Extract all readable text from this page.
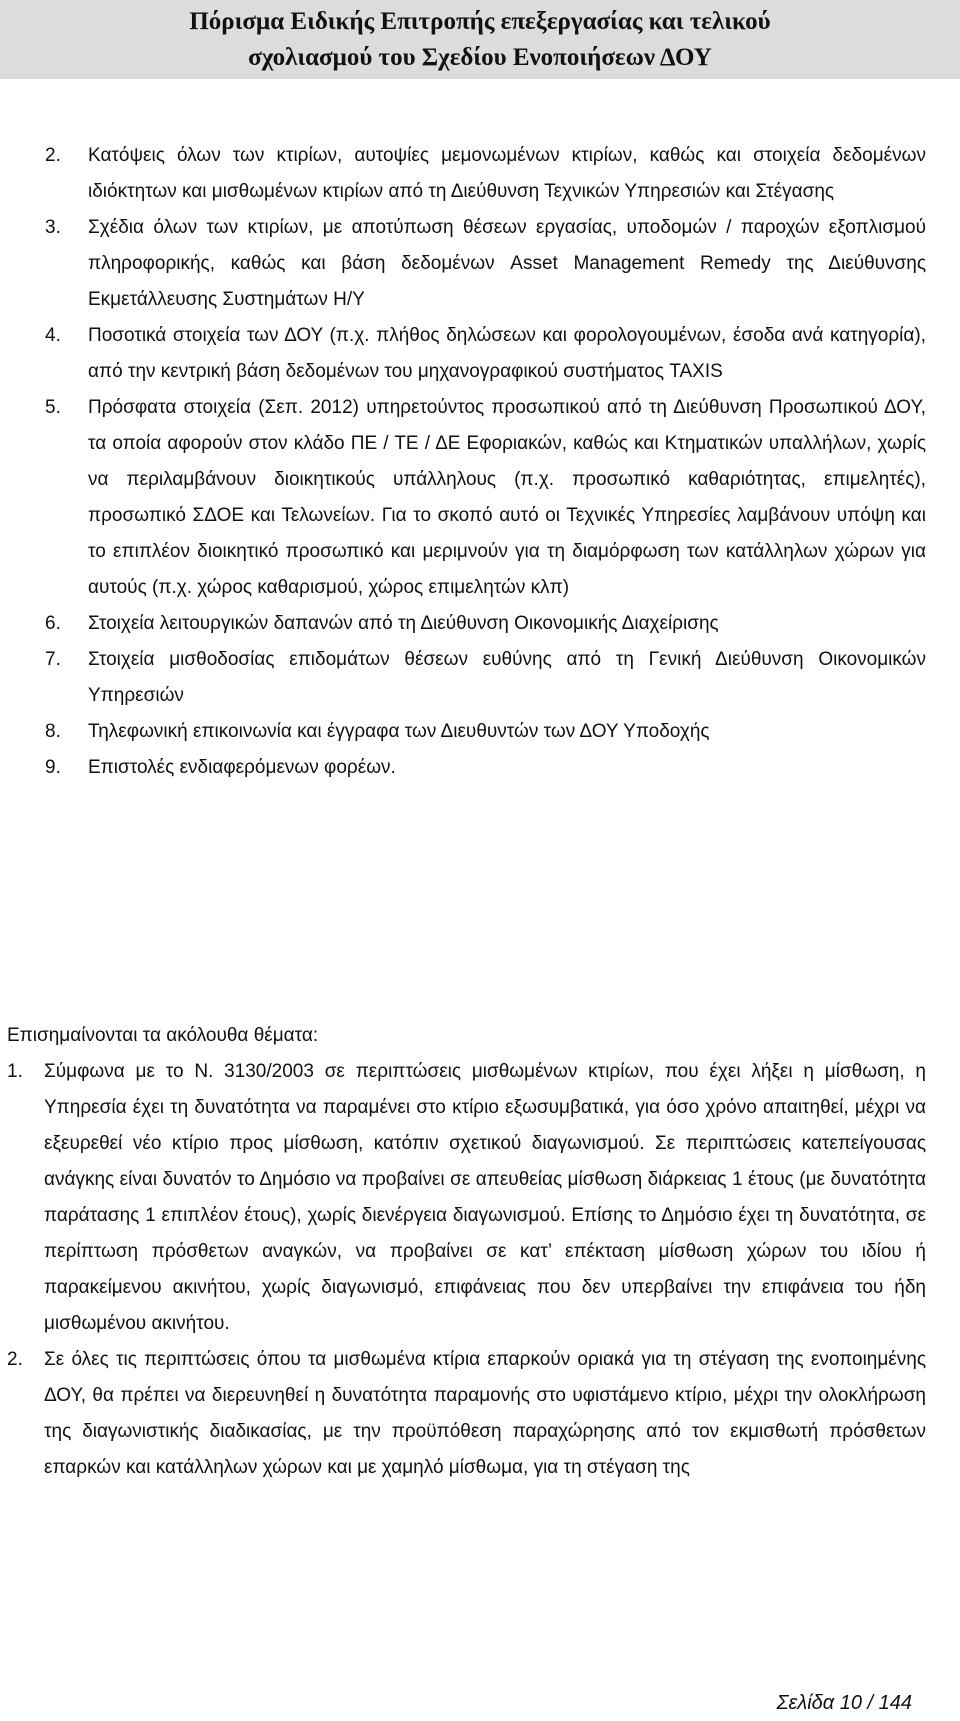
Πόρισμα Ειδικής Επιτροπής επεξεργασίας και τελικού
σχολιασμού του Σχεδίου Ενοποιήσεων ΔΟΥ
2. Κατόψεις όλων των κτιρίων, αυτοψίες μεμονωμένων κτιρίων, καθώς και στοιχεία δεδομένων ιδιόκτητων και μισθωμένων κτιρίων από τη Διεύθυνση Τεχνικών Υπηρεσιών και Στέγασης
3. Σχέδια όλων των κτιρίων, με αποτύπωση θέσεων εργασίας, υποδομών / παροχών εξοπλισμού πληροφορικής, καθώς και βάση δεδομένων Asset Management Remedy της Διεύθυνσης Εκμετάλλευσης Συστημάτων Η/Υ
4. Ποσοτικά στοιχεία των ΔΟΥ (π.χ. πλήθος δηλώσεων και φορολογουμένων, έσοδα ανά κατηγορία), από την κεντρική βάση δεδομένων του μηχανογραφικού συστήματος TAXIS
5. Πρόσφατα στοιχεία (Σεπ. 2012) υπηρετούντος προσωπικού από τη Διεύθυνση Προσωπικού ΔΟΥ, τα οποία αφορούν στον κλάδο ΠΕ / ΤΕ / ΔΕ Εφοριακών, καθώς και Κτηματικών υπαλλήλων, χωρίς να περιλαμβάνουν διοικητικούς υπάλληλους (π.χ. προσωπικό καθαριότητας, επιμελητές), προσωπικό ΣΔΟΕ και Τελωνείων. Για το σκοπό αυτό οι Τεχνικές Υπηρεσίες λαμβάνουν υπόψη και το επιπλέον διοικητικό προσωπικό και μεριμνούν για τη διαμόρφωση των κατάλληλων χώρων για αυτούς (π.χ. χώρος καθαρισμού, χώρος επιμελητών κλπ)
6. Στοιχεία λειτουργικών δαπανών από τη Διεύθυνση Οικονομικής Διαχείρισης
7. Στοιχεία μισθοδοσίας επιδομάτων θέσεων ευθύνης από τη Γενική Διεύθυνση Οικονομικών Υπηρεσιών
8. Τηλεφωνική επικοινωνία και έγγραφα των Διευθυντών των ΔΟΥ Υποδοχής
9. Επιστολές ενδιαφερόμενων φορέων.
Επισημαίνονται τα ακόλουθα θέματα:
1. Σύμφωνα με το Ν. 3130/2003 σε περιπτώσεις μισθωμένων κτιρίων, που έχει λήξει η μίσθωση, η Υπηρεσία έχει τη δυνατότητα να παραμένει στο κτίριο εξωσυμβατικά, για όσο χρόνο απαιτηθεί, μέχρι να εξευρεθεί νέο κτίριο προς μίσθωση, κατόπιν σχετικού διαγωνισμού. Σε περιπτώσεις κατεπείγουσας ανάγκης είναι δυνατόν το Δημόσιο να προβαίνει σε απευθείας μίσθωση διάρκειας 1 έτους (με δυνατότητα παράτασης 1 επιπλέον έτους), χωρίς διενέργεια διαγωνισμού. Επίσης το Δημόσιο έχει τη δυνατότητα, σε περίπτωση πρόσθετων αναγκών, να προβαίνει σε κατ’ επέκταση μίσθωση χώρων του ιδίου ή παρακείμενου ακινήτου, χωρίς διαγωνισμό, επιφάνειας που δεν υπερβαίνει την επιφάνεια του ήδη μισθωμένου ακινήτου.
2. Σε όλες τις περιπτώσεις όπου τα μισθωμένα κτίρια επαρκούν οριακά για τη στέγαση της ενοποιημένης ΔΟΥ, θα πρέπει να διερευνηθεί η δυνατότητα παραμονής στο υφιστάμενο κτίριο, μέχρι την ολοκλήρωση της διαγωνιστικής διαδικασίας, με την προϋπόθεση παραχώρησης από τον εκμισθωτή πρόσθετων επαρκών και κατάλληλων χώρων και με χαμηλό μίσθωμα, για τη στέγαση της
Σελίδα 10 / 144
